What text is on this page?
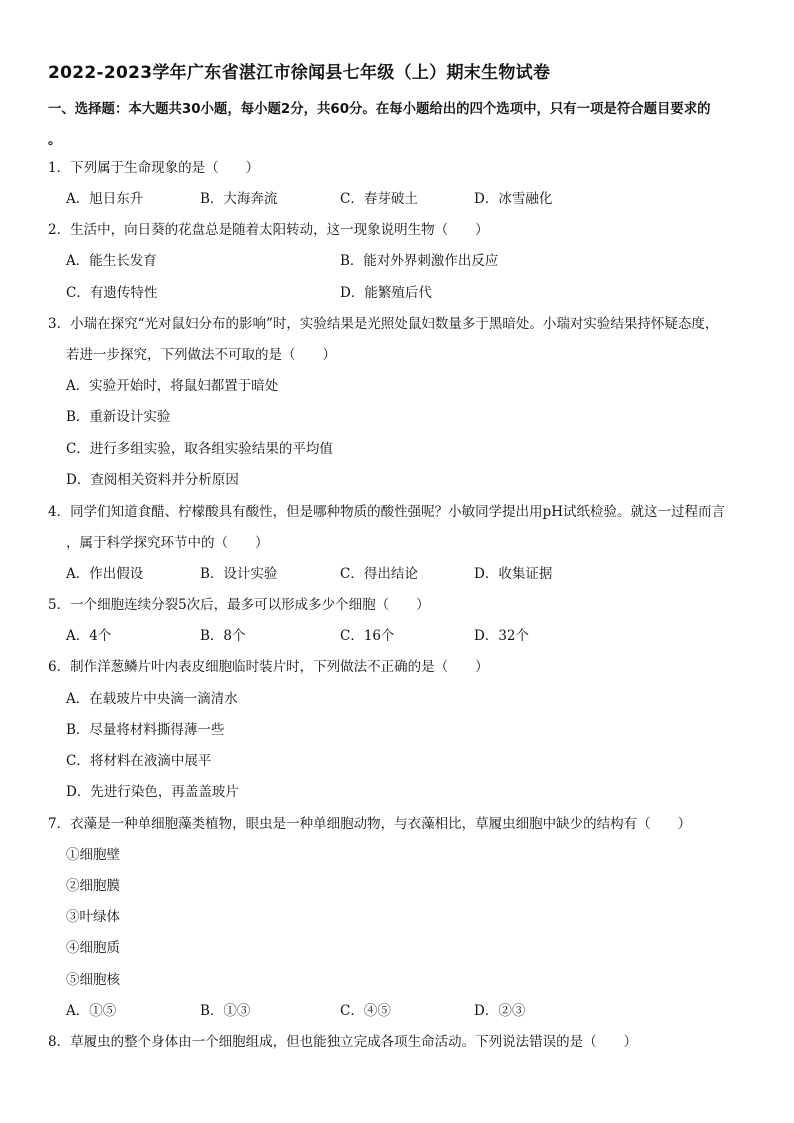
2022-2023学年广东省湛江市徐闻县七年级（上）期末生物试卷
一、选择题：本大题共30小题，每小题2分，共60分。在每小题给出的四个选项中，只有一项是符合题目要求的
。
1．下列属于生命现象的是（　　）
A．旭日东升	B．大海奔流	C．春芽破土	D．冰雪融化
2．生活中，向日葵的花盘总是随着太阳转动，这一现象说明生物（　　）
A．能生长发育	B．能对外界刺激作出反应
C．有遗传特性	D．能繁殖后代
3．小瑞在探究“光对鼠妇分布的影响”时，实验结果是光照处鼠妇数量多于黑暗处。小瑞对实验结果持怀疑态度，
若进一步探究，下列做法不可取的是（　　）
A．实验开始时，将鼠妇都置于暗处
B．重新设计实验
C．进行多组实验，取各组实验结果的平均值
D．查阅相关资料并分析原因
4．同学们知道食醋、柠檬酸具有酸性，但是哪种物质的酸性强呢？小敏同学提出用pH试纸检验。就这一过程而言
，属于科学探究环节中的（　　）
A．作出假设	B．设计实验	C．得出结论	D．收集证据
5．一个细胞连续分裂5次后，最多可以形成多少个细胞（　　）
A．4个	B．8个	C．16个	D．32个
6．制作洋葱鳞片叶内表皮细胞临时装片时，下列做法不正确的是（　　）
A．在载玻片中央滴一滴清水
B．尽量将材料撕得薄一些
C．将材料在液滴中展平
D．先进行染色，再盖盖玻片
7．衣藻是一种单细胞藻类植物，眼虫是一种单细胞动物，与衣藻相比，草履虫细胞中缺少的结构有（　　）
①细胞壁
②细胞膜
③叶绿体
④细胞质
⑤细胞核
A．①⑤	B．①③	C．④⑤	D．②③
8．草履虫的整个身体由一个细胞组成，但也能独立完成各项生命活动。下列说法错误的是（　　）
